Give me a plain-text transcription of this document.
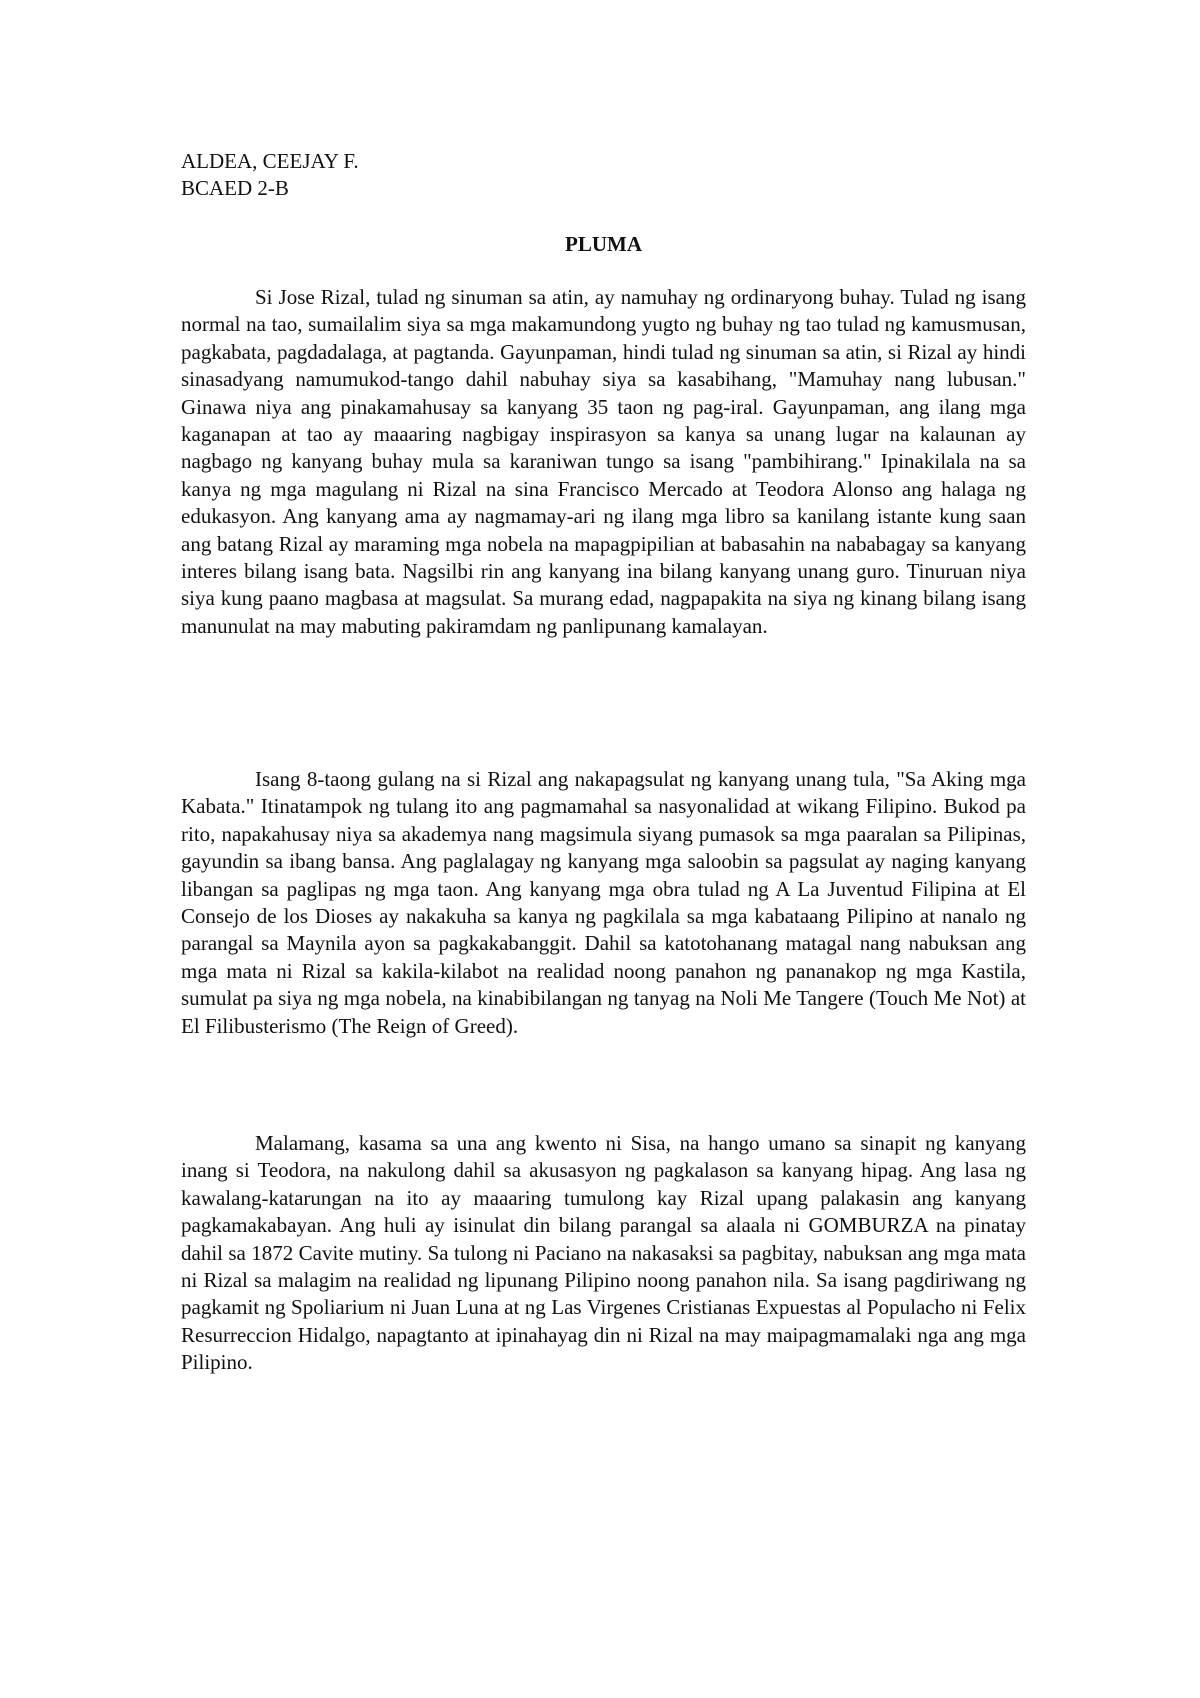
ALDEA, CEEJAY F.
BCAED 2-B
PLUMA

Si Jose Rizal, tulad ng sinuman sa atin, ay namuhay ng ordinaryong buhay. Tulad ng isang normal na tao, sumailalim siya sa mga makamundong yugto ng buhay ng tao tulad ng kamusmusan, pagkabata, pagdadalaga, at pagtanda. Gayunpaman, hindi tulad ng sinuman sa atin, si Rizal ay hindi sinasadyang namumukod-tango dahil nabuhay siya sa kasabihang, "Mamuhay nang lubusan." Ginawa niya ang pinakamahusay sa kanyang 35 taon ng pag-iral. Gayunpaman, ang ilang mga kaganapan at tao ay maaaring nagbigay inspirasyon sa kanya sa unang lugar na kalaunan ay nagbago ng kanyang buhay mula sa karaniwan tungo sa isang "pambihirang." Ipinakilala na sa kanya ng mga magulang ni Rizal na sina Francisco Mercado at Teodora Alonso ang halaga ng edukasyon. Ang kanyang ama ay nagmamay-ari ng ilang mga libro sa kanilang istante kung saan ang batang Rizal ay maraming mga nobela na mapagpipilian at babasahin na nababagay sa kanyang interes bilang isang bata. Nagsilbi rin ang kanyang ina bilang kanyang unang guro. Tinuruan niya siya kung paano magbasa at magsulat. Sa murang edad, nagpapakita na siya ng kinang bilang isang manunulat na may mabuting pakiramdam ng panlipunang kamalayan.

Isang 8-taong gulang na si Rizal ang nakapagsulat ng kanyang unang tula, "Sa Aking mga Kabata." Itinatampok ng tulang ito ang pagmamahal sa nasyonalidad at wikang Filipino. Bukod pa rito, napakahusay niya sa akademya nang magsimula siyang pumasok sa mga paaralan sa Pilipinas, gayundin sa ibang bansa. Ang paglalagay ng kanyang mga saloobin sa pagsulat ay naging kanyang libangan sa paglipas ng mga taon. Ang kanyang mga obra tulad ng A La Juventud Filipina at El Consejo de los Dioses ay nakakuha sa kanya ng pagkilala sa mga kabataang Pilipino at nanalo ng parangal sa Maynila ayon sa pagkakabanggit. Dahil sa katotohanang matagal nang nabuksan ang mga mata ni Rizal sa kakila-kilabot na realidad noong panahon ng pananakop ng mga Kastila, sumulat pa siya ng mga nobela, na kinabibilangan ng tanyag na Noli Me Tangere (Touch Me Not) at El Filibusterismo (The Reign of Greed).

Malamang, kasama sa una ang kwento ni Sisa, na hango umano sa sinapit ng kanyang inang si Teodora, na nakulong dahil sa akusasyon ng pagkalason sa kanyang hipag. Ang lasa ng kawalang-katarungan na ito ay maaaring tumulong kay Rizal upang palakasin ang kanyang pagkamakabayan. Ang huli ay isinulat din bilang parangal sa alaala ni GOMBURZA na pinatay dahil sa 1872 Cavite mutiny. Sa tulong ni Paciano na nakasaksi sa pagbitay, nabuksan ang mga mata ni Rizal sa malagim na realidad ng lipunang Pilipino noong panahon nila. Sa isang pagdiriwang ng pagkamit ng Spoliarium ni Juan Luna at ng Las Virgenes Cristianas Expuestas al Populacho ni Felix Resurreccion Hidalgo, napagtanto at ipinahayag din ni Rizal na may maipagmamalaki nga ang mga Pilipino.
